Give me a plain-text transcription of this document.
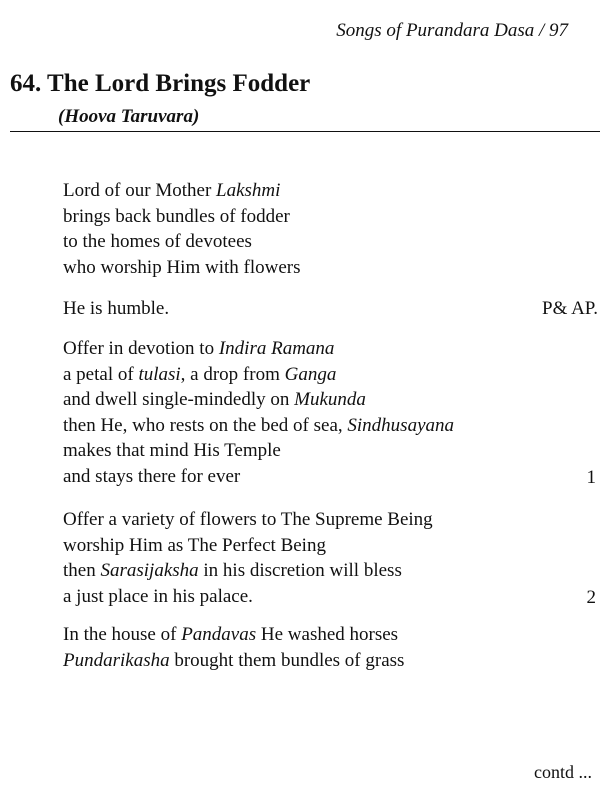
Songs of Purandara Dasa / 97
64. The Lord Brings Fodder
(Hoova Taruvara)
Lord of our Mother Lakshmi
brings back bundles of fodder
to the homes of devotees
who worship Him with flowers
He is humble.	P& AP.
Offer in devotion to Indira Ramana
a petal of tulasi, a drop from Ganga
and dwell single-mindedly on Mukunda
then He, who rests on the bed of sea, Sindhusayana
makes that mind His Temple
and stays there for ever	1
Offer a variety of flowers to The Supreme Being
worship Him as The Perfect Being
then Sarasijaksha in his discretion will bless
a just place in his palace.	2
In the house of Pandavas He washed horses
Pundarikasha brought them bundles of grass
contd ...
